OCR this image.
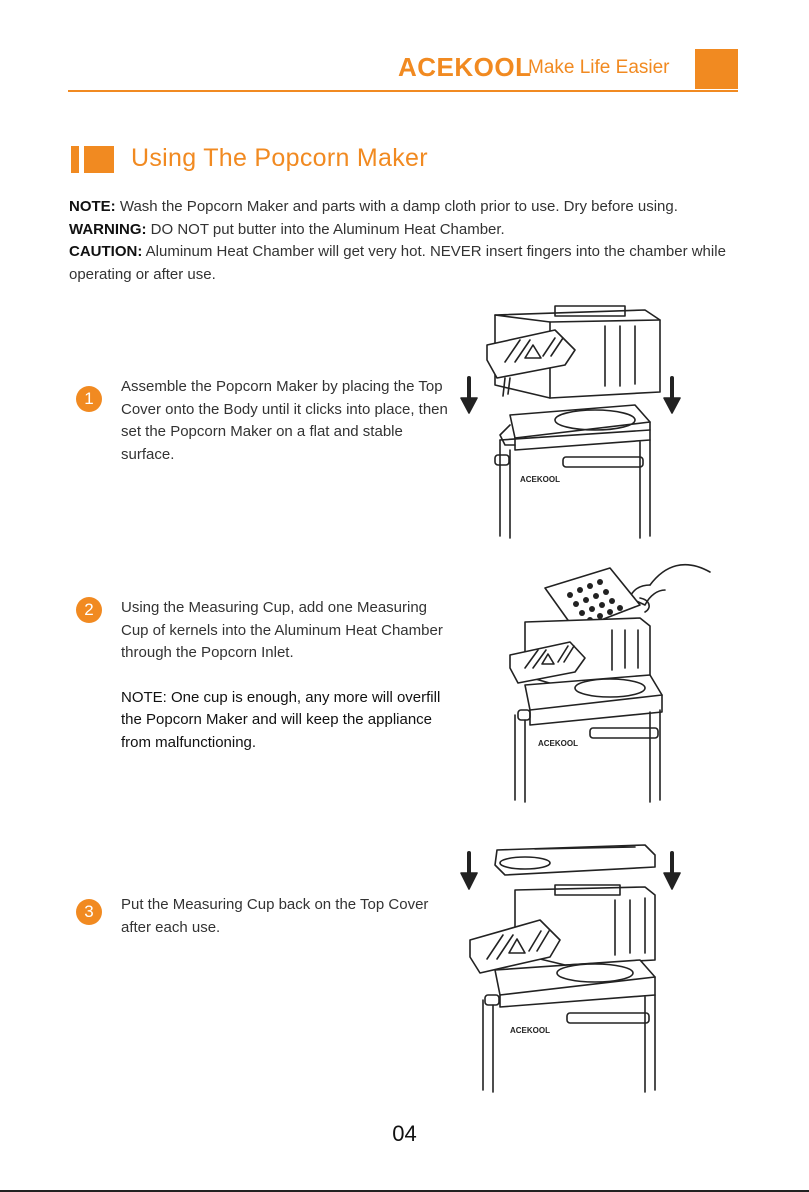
ACEKOOL
Make Life Easier
Using The Popcorn Maker

NOTE: Wash the Popcorn Maker and parts with a damp cloth prior to use. Dry before using.

WARNING: DO NOT put butter into the Aluminum Heat Chamber.

CAUTION: Aluminum Heat Chamber will get very hot. NEVER insert fingers into the chamber while operating or after use.

1

Assemble the Popcorn Maker by placing the Top Cover onto the Body until it clicks into place, then set the Popcorn Maker on a flat and stable surface.

ACEKOOL
2	Using the Measuring Cup, add one Measuring Cup of kernels into the Aluminum Heat Chamber through the Popcorn Inlet.

NOTE: One cup is enough, any more will overfill the Popcorn Maker and will keep the appliance from malfunctioning.	ACEKOOL
3	Put the Measuring Cup back on the Top Cover after each use.

ACEKOOL
04
